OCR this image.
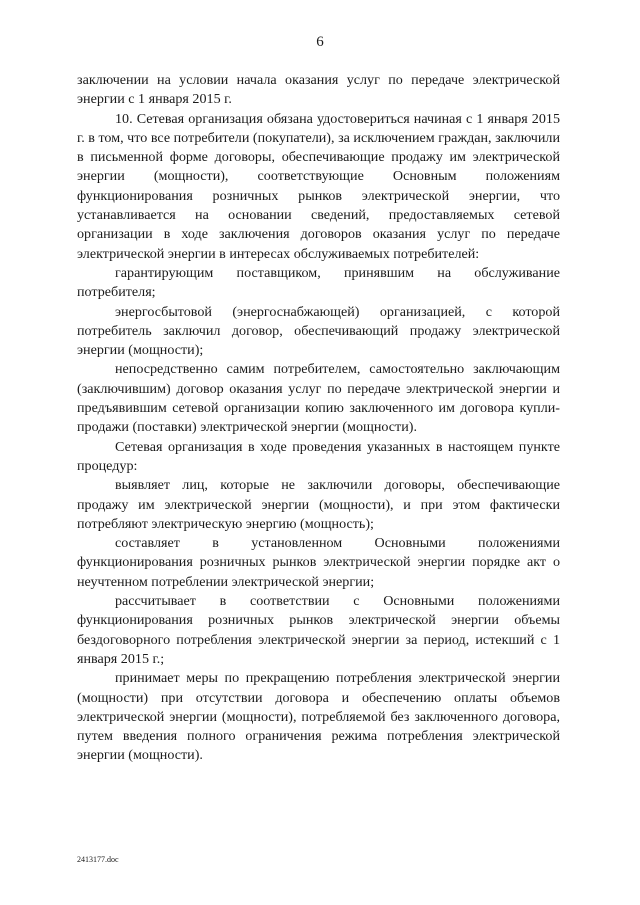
6

заключении на условии начала оказания услуг по передаче электрической энергии с 1 января 2015 г.

10. Сетевая организация обязана удостовериться начиная с 1 января 2015 г. в том, что все потребители (покупатели), за исключением граждан, заключили в письменной форме договоры, обеспечивающие продажу им электрической энергии (мощности), соответствующие Основным положениям функционирования розничных рынков электрической энергии, что устанавливается на основании сведений, предоставляемых сетевой организации в ходе заключения договоров оказания услуг по передаче электрической энергии в интересах обслуживаемых потребителей:

гарантирующим поставщиком, принявшим на обслуживание потребителя;

энергосбытовой (энергоснабжающей) организацией, с которой потребитель заключил договор, обеспечивающий продажу электрической энергии (мощности);

непосредственно самим потребителем, самостоятельно заключающим (заключившим) договор оказания услуг по передаче электрической энергии и предъявившим сетевой организации копию заключенного им договора купли-продажи (поставки) электрической энергии (мощности).

Сетевая организация в ходе проведения указанных в настоящем пункте процедур:

выявляет лиц, которые не заключили договоры, обеспечивающие продажу им электрической энергии (мощности), и при этом фактически потребляют электрическую энергию (мощность);

составляет в установленном Основными положениями функционирования розничных рынков электрической энергии порядке акт о неучтенном потреблении электрической энергии;

рассчитывает в соответствии с Основными положениями функционирования розничных рынков электрической энергии объемы бездоговорного потребления электрической энергии за период, истекший с 1 января 2015 г.;

принимает меры по прекращению потребления электрической энергии (мощности) при отсутствии договора и обеспечению оплаты объемов электрической энергии (мощности), потребляемой без заключенного договора, путем введения полного ограничения режима потребления электрической энергии (мощности).

2413177.doc
